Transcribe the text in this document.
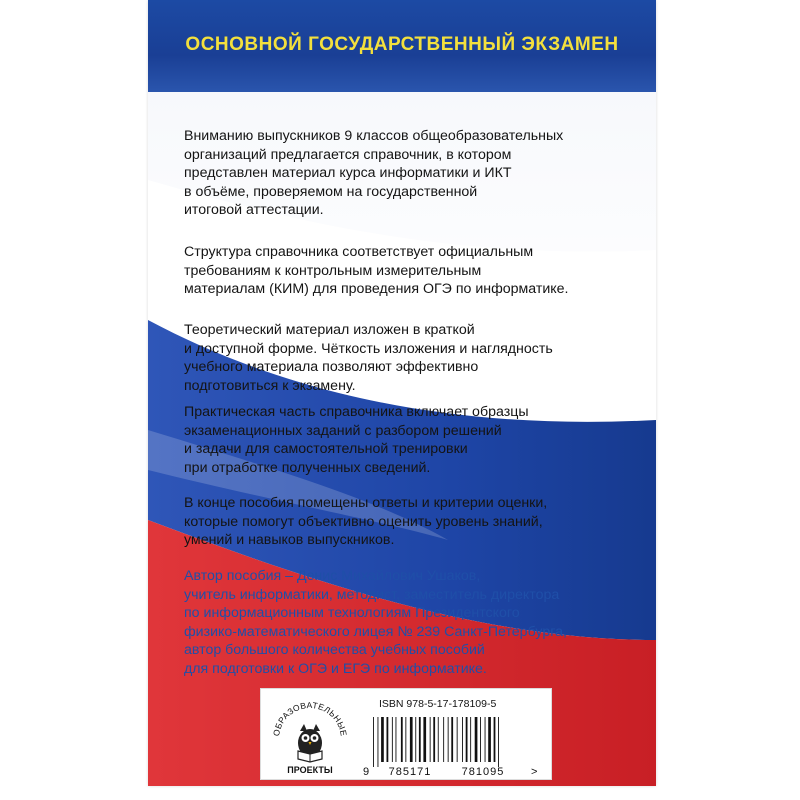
ОСНОВНОЙ ГОСУДАРСТВЕННЫЙ ЭКЗАМЕН
Вниманию выпускников 9 классов общеобразовательных
организаций предлагается справочник, в котором
представлен материал курса информатики и ИКТ
в объёме, проверяемом на государственной
итоговой аттестации.
Структура справочника соответствует официальным
требованиям к контрольным измерительным
материалам (КИМ) для проведения ОГЭ по информатике.
Теоретический материал изложен в краткой
и доступной форме. Чёткость изложения и наглядность
учебного материала позволяют эффективно
подготовиться к экзамену.
Практическая часть справочника включает образцы
экзаменационных заданий с разбором решений
и задачи для самостоятельной тренировки
при отработке полученных сведений.
В конце пособия помещены ответы и критерии оценки,
которые помогут объективно оценить уровень знаний,
умений и навыков выпускников.
Автор пособия – Денис Михайлович Ушаков,
учитель информатики, методист, заместитель директора
по информационным технологиям Президентского
физико-математического лицея № 239 Санкт-Петербурга,
автор большого количества учебных пособий
для подготовки к ОГЭ и ЕГЭ по информатике.
ОБРАЗОВАТЕЛЬНЫЕ
ПРОЕКТЫ
ISBN 978-5-17-178109-5
9 785171	781095 >
